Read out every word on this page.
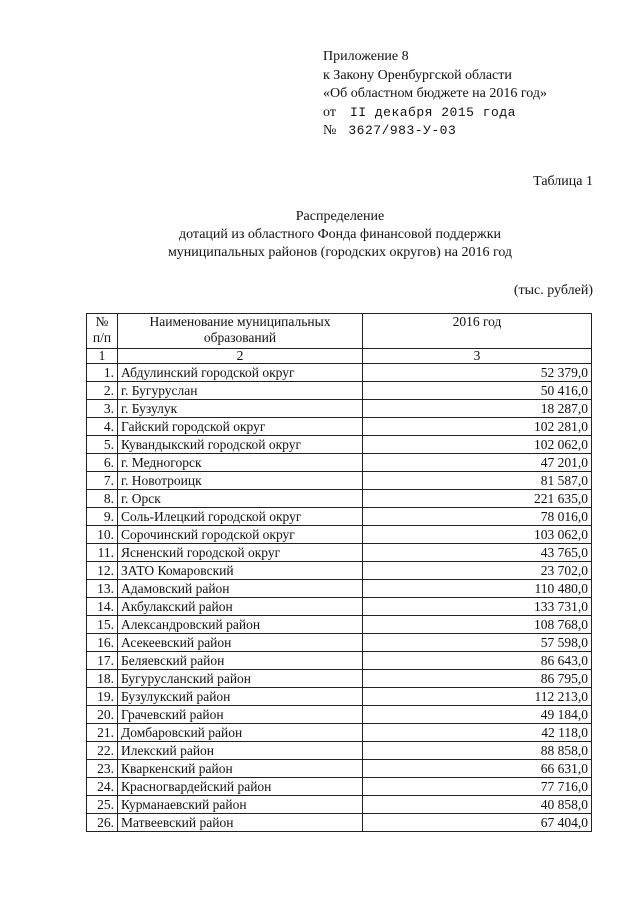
Приложение 8
к Закону Оренбургской области
«Об областном бюджете на 2016 год»
от II декабря 2015 года
№ 3627/983-У-03
Таблица 1
Распределение
дотаций из областного Фонда финансовой поддержки
муниципальных районов (городских округов) на 2016 год
(тыс. рублей)
№ п/п	Наименование муниципальных образований	2016 год
1	2	3
1.	Абдулинский городской округ	52 379,0
2.	г. Бугуруслан	50 416,0
3.	г. Бузулук	18 287,0
4.	Гайский городской округ	102 281,0
5.	Кувандыкский городской округ	102 062,0
6.	г. Медногорск	47 201,0
7.	г. Новотроицк	81 587,0
8.	г. Орск	221 635,0
9.	Соль-Илецкий городской округ	78 016,0
10.	Сорочинский городской округ	103 062,0
11.	Ясненский городской округ	43 765,0
12.	ЗАТО Комаровский	23 702,0
13.	Адамовский район	110 480,0
14.	Акбулакский район	133 731,0
15.	Александровский район	108 768,0
16.	Асекеевский район	57 598,0
17.	Беляевский район	86 643,0
18.	Бугурусланский район	86 795,0
19.	Бузулукский район	112 213,0
20.	Грачевский район	49 184,0
21.	Домбаровский район	42 118,0
22.	Илекский район	88 858,0
23.	Кваркенский район	66 631,0
24.	Красногвардейский район	77 716,0
25.	Курманаевский район	40 858,0
26.	Матвеевский район	67 404,0
